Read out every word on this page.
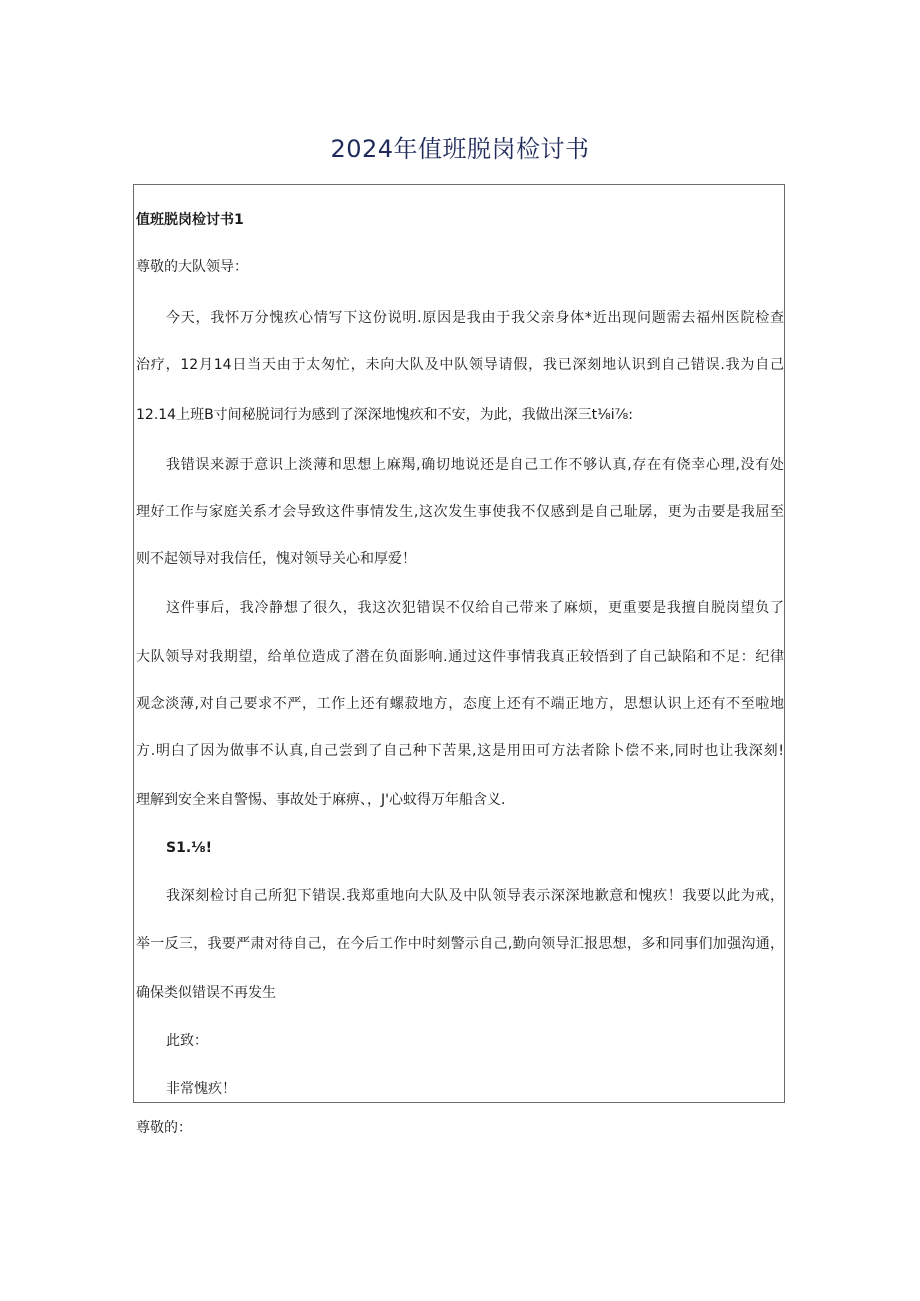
2024年值班脱岗检讨书
值班脱岗检讨书1
尊敬的大队领导：
今天，我怀万分愧疚心情写下这份说明.原因是我由于我父亲身体*近出现问题需去福州医院检查
治疗，12月14日当天由于太匆忙，未向大队及中队领导请假，我已深刻地认识到自己错误.我为自己
12.14上班B寸间秘脱词行为感到了深深地愧疚和不安，为此，我做出深三t⅛i⅞:
我错误来源于意识上淡薄和思想上麻羯,确切地说还是自己工作不够认真,存在有侥幸心理,没有处
理好工作与家庭关系才会导致这件事情发生,这次发生事使我不仅感到是自己耻孱，更为击要是我屈至
则不起领导对我信任，愧对领导关心和厚爱！
这件事后，我冷静想了很久，我这次犯错误不仅给自己带来了麻烦，更重要是我擅自脱岗望负了
大队领导对我期望，给单位造成了潜在负面影响.通过这件事情我真正较悟到了自己缺陷和不足：纪律
观念淡薄,对自己要求不严，工作上还有螺菽地方，态度上还有不端正地方，思想认识上还有不至啦地
方.明白了因为做事不认真,自己尝到了自己种下苦果,这是用田可方法者除卜偿不来,同时也让我深刻!
理解到安全来自警惕、事故处于麻痹、，J'心蚊得万年船含义.
S1.⅛!
我深刻检讨自己所犯下错误.我郑重地向大队及中队领导表示深深地歉意和愧疚！我要以此为戒，
举一反三，我要严肃对待自己，在今后工作中时刻警示自己,勤向领导汇报思想，多和同事们加强沟通，
确保类似错误不再发生
此致：
非常愧疚！
尊敬的：
